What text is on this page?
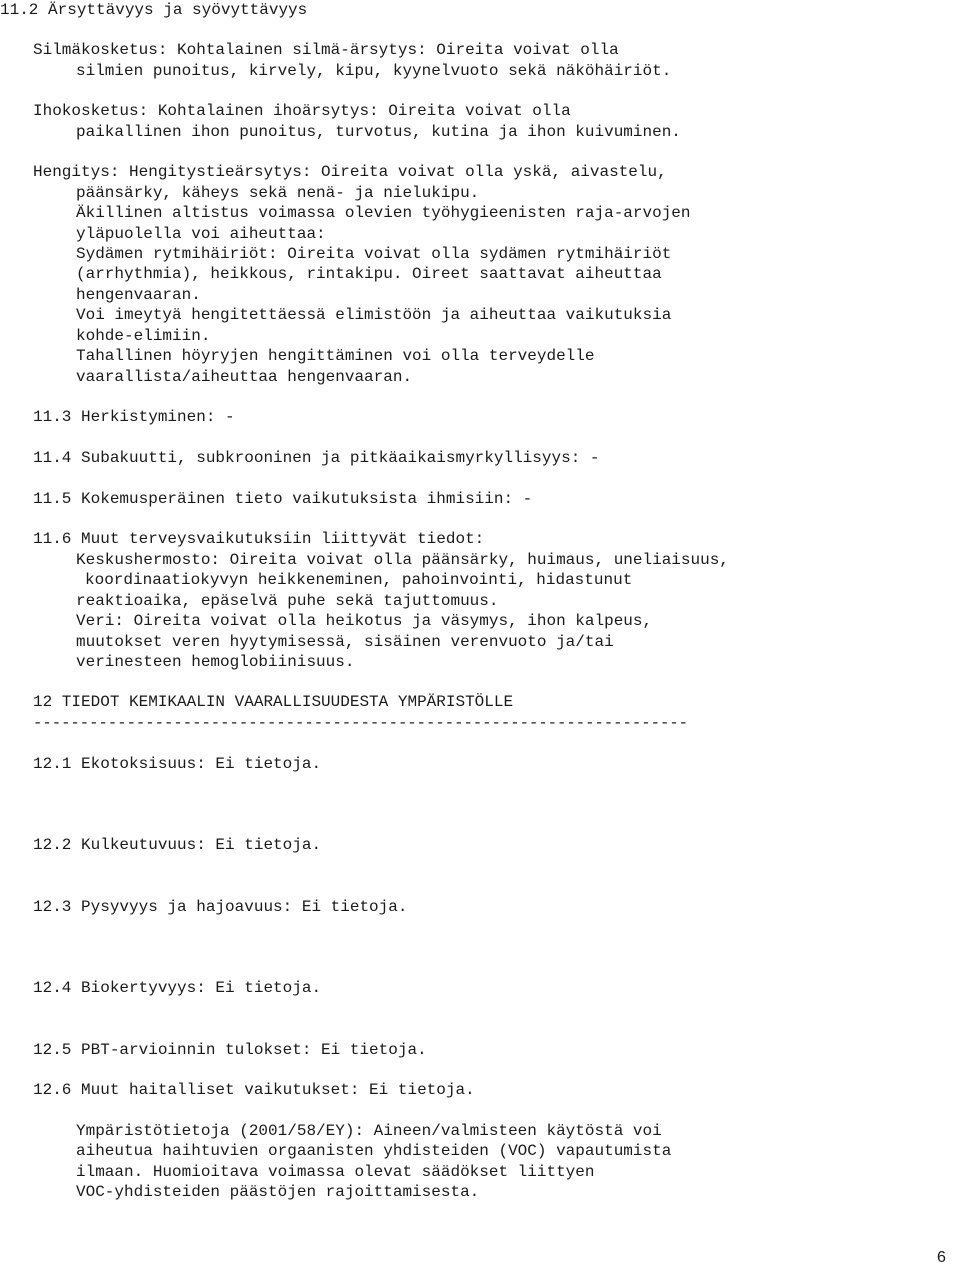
11.2 Ärsyttävyys ja syövyttävyys
Silmäkosketus: Kohtalainen silmä-ärsytys: Oireita voivat olla
silmien punoitus, kirvely, kipu, kyynelvuoto sekä näköhäiriöt.
Ihokosketus: Kohtalainen ihoärsytys: Oireita voivat olla
paikallinen ihon punoitus, turvotus, kutina ja ihon kuivuminen.
Hengitys: Hengitystieärsytys: Oireita voivat olla yskä, aivastelu,
päänsärky, käheys sekä nenä- ja nielukipu.
Äkillinen altistus voimassa olevien työhygieenisten raja-arvojen
yläpuolella voi aiheuttaa:
Sydämen rytmihäiriöt: Oireita voivat olla sydämen rytmihäiriöt
(arrhythmia), heikkous, rintakipu. Oireet saattavat aiheuttaa
hengenvaaran.
Voi imeytyä hengitettäessä elimistöön ja aiheuttaa vaikutuksia
kohde-elimiin.
Tahallinen höyryjen hengittäminen voi olla terveydelle
vaarallista/aiheuttaa hengenvaaran.
11.3 Herkistyminen: -
11.4 Subakuutti, subkrooninen ja pitkäaikaismyrkyllisyys: -
11.5 Kokemusperäinen tieto vaikutuksista ihmisiin: -
11.6 Muut terveysvaikutuksiin liittyvät tiedot:
Keskushermosto: Oireita voivat olla päänsärky, huimaus, uneliaisuus,
koordinaatiokyvyn heikkeneminen, pahoinvointi, hidastunut
reaktioaika, epäselvä puhe sekä tajuttomuus.
Veri: Oireita voivat olla heikotus ja väsymys, ihon kalpeus,
muutokset veren hyytymisessä, sisäinen verenvuoto ja/tai
verinesteen hemoglobiinisuus.
12 TIEDOT KEMIKAALIN VAARALLISUUDESTA YMPÄRISTÖLLE
----------------------------------------------------------------------
12.1 Ekotoksisuus: Ei tietoja.
12.2 Kulkeutuvuus: Ei tietoja.
12.3 Pysyvyys ja hajoavuus: Ei tietoja.
12.4 Biokertyvyys: Ei tietoja.
12.5 PBT-arvioinnin tulokset: Ei tietoja.
12.6 Muut haitalliset vaikutukset: Ei tietoja.
Ympäristötietoja (2001/58/EY): Aineen/valmisteen käytöstä voi
aiheutua haihtuvien orgaanisten yhdisteiden (VOC) vapautumista
ilmaan. Huomioitava voimassa olevat säädökset liittyen
VOC-yhdisteiden päästöjen rajoittamisesta.
6
